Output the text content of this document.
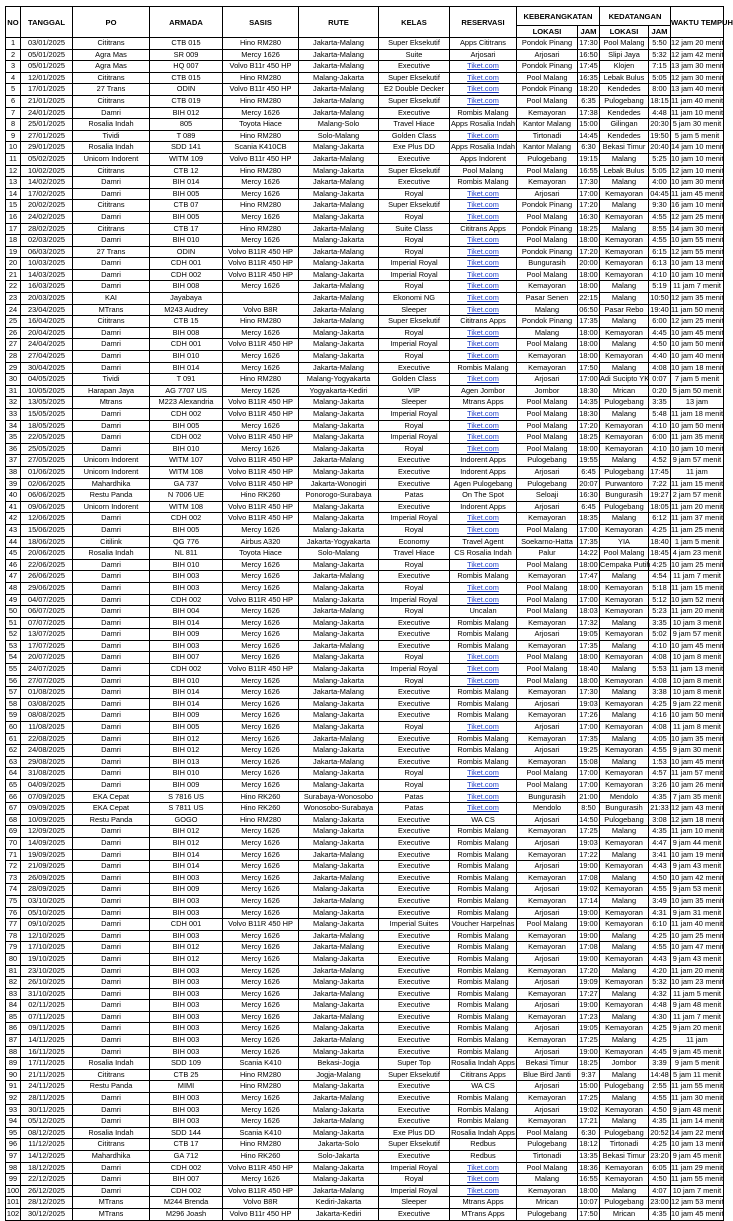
NO	TANGGAL	PO	ARMADA	SASIS	RUTE	KELAS	RESERVASI	KEBERANGKATAN		KEDATANGAN		WAKTU TEMPUH
								LOKASI	JAM	LOKASI	JAM	
1	03/01/2025	Cititrans	CTB 015	Hino RM280	Jakarta-Malang	Super Eksekutif	Apps Cititrans	Pondok Pinang	17:30	Pool Malang	5:50	12 jam 20 menit
2	05/01/2025	Agra Mas	SR 009	Mercy 1626	Jakarta-Malang	Suite	Arjosari	Arjosari	16:50	Slipi Jaya	5:32	12 jam 42 menit
3	05/01/2025	Agra Mas	HQ 007	Volvo B11r 450 HP	Jakarta-Malang	Executive	Tiket.com	Pondok Pinang	17:45	Klojen	7:15	13 jam 30 menit
4	12/01/2025	Cititrans	CTB 015	Hino RM280	Malang-Jakarta	Super Eksekutif	Tiket.com	Pool Malang	16:35	Lebak Bulus	5:05	12 jam 30 menit
5	17/01/2025	27 Trans	ODIN	Volvo B11r 450 HP	Jakarta-Malang	E2 Double Decker	Tiket.com	Pondok Pinang	18:20	Kendedes	8:00	13 jam 40 menit
6	21/01/2025	Cititrans	CTB 019	Hino RM280	Jakarta-Malang	Super Eksekutif	Tiket.com	Pool Malang	6:35	Pulogebang	18:15	11 jam 40 menit
7	24/01/2025	Damri	BIH 012	Mercy 1626	Jakarta-Malang	Executive	Rombis Malang	Kemayoran	17:38	Kendedes	4:48	11 jam 10 menit
8	25/01/2025	Rosalia Indah	805	Toyota Hiace	Malang-Solo	Travel Hiace	Apps Rosalia Indah	Kantor Malang	15:00	Gilingan	20:30	5 jam 30 menit
9	27/01/2025	Tividi	T 089	Hino RM280	Solo-Malang	Golden Class	Tiket.com	Tirtonadi	14:45	Kendedes	19:50	5 jam 5 menit
10	29/01/2025	Rosalia Indah	SDD 141	Scania K410CB	Malang-Jakarta	Exe Plus DD	Apps Rosalia Indah	Kantor Malang	6:30	Bekasi Timur	20:40	14 jam 10 menit
11	05/02/2025	Unicorn Indorent	WITM 109	Volvo B11r 450 HP	Jakarta-Malang	Executive	Apps Indorent	Pulogebang	19:15	Malang	5:25	10 jam 10 menit
12	10/02/2025	Cititrans	CTB 12	Hino RM280	Malang-Jakarta	Super Eksekutif	Pool Malang	Pool Malang	16:55	Lebak Bulus	5:05	12 jam 10 menit
13	14/02/2025	Damri	BIH 014	Mercy 1626	Jakarta-Malang	Executive	Rombis Malang	Kemayoran	17:30	Malang	4:00	10 jam 30 menit
14	17/02/2025	Damri	BIH 005	Mercy 1626	Malang-Jakarta	Royal	Tiket.com	Arjosari	17:00	Kemayoran	04:45	11 jam 45 menit
15	20/02/2025	Cititrans	CTB 07	Hino RM280	Jakarta-Malang	Super Eksekutif	Tiket.com	Pondok Pinang	17:20	Malang	9:30	16 jam 10 menit
16	24/02/2025	Damri	BIH 005	Mercy 1626	Malang-Jakarta	Royal	Tiket.com	Pool Malang	16:30	Kemayoran	4:55	12 jam 25 menit
17	28/02/2025	Cititrans	CTB 17	Hino RM280	Jakarta-Malang	Suite Class	Cititrans Apps	Pondok Pinang	18:25	Malang	8:55	14 jam 30 menit
18	02/03/2025	Damri	BIH 010	Mercy 1626	Malang-Jakarta	Royal	Tiket.com	Pool Malang	18:00	Kemayoran	4:55	10 jam 55 menit
19	06/03/2025	27 Trans	ODIN	Volvo B11R 450 HP	Jakarta-Malang	Royal	Tiket.com	Pondok Pinang	17:20	Kemayoran	6:15	12 jam 55 menit
20	10/03/2025	Damri	CDH 001	Volvo B11R 450 HP	Malang-Jakarta	Imperial Royal	Tiket.com	Bungurasih	20:00	Kemayoran	6:13	10 jam 13 menit
21	14/03/2025	Damri	CDH 002	Volvo B11R 450 HP	Malang-Jakarta	Imperial Royal	Tiket.com	Pool Malang	18:00	Kemayoran	4:10	10 jam 10 menit
22	16/03/2025	Damri	BIH 008	Mercy 1626	Jakarta-Malang	Royal	Tiket.com	Kemayoran	18:00	Malang	5:19	11 jam 7 menit
23	20/03/2025	KAI	Jayabaya		Jakarta-Malang	Ekonomi NG	Tiket.com	Pasar Senen	22:15	Malang	10:50	12 jam 35 menit
24	23/04/2025	MTrans	M243 Audrey	Volvo B8R	Jakarta-Malang	Sleeper	Tiket.com	Malang	06:50	Pasar Rebo	19:40	11 jam 50 menit
25	16/04/2025	Cititrans	CTB 15	Hino RM280	Jakarta-Malang	Super Eksekutif	Cititrans Apps	Pondok Pinang	17:35	Malang	6:00	12 jam 25 menit
26	20/04/2025	Damri	BIH 008	Mercy 1626	Malang-Jakarta	Royal	Tiket.com	Malang	18:00	Kemayoran	4:45	10 jam 45 menit
27	24/04/2025	Damri	CDH 001	Volvo B11R 450 HP	Malang-Jakarta	Imperial Royal	Tiket.com	Pool Malang	18:00	Malang	4:50	10 jam 50 menit
28	27/04/2025	Damri	BIH 010	Mercy 1626	Malang-Jakarta	Royal	Tiket.com	Kemayoran	18:00	Kemayoran	4:40	10 jam 40 menit
29	30/04/2025	Damri	BIH 014	Mercy 1626	Jakarta-Malang	Executive	Rombis Malang	Kemayoran	17:50	Malang	4:08	10 jam 18 menit
30	04/05/2025	Tividi	T 091	Hino RM280	Malang-Yogyakarta	Golden Class	Tiket.com	Arjosari	17:00	Adi Sucipto YK	0:07	7 jam 5 menit
31	10/05/2025	Harapan Jaya	AG 7707 US	Mercy 1626	Yogyakarta-Kediri	VIP	Agen Jombor	Jombor	18:30	Mrican	0:20	5 jam 50 menit
32	13/05/2025	Mtrans	M223 Alexandria	Volvo B11R 450 HP	Malang-Jakarta	Sleeper	Mtrans Apps	Pool Malang	14:35	Pulogebang	3:35	13 jam
33	15/05/2025	Damri	CDH 002	Volvo B11R 450 HP	Malang-Jakarta	Imperial Royal	Tiket.com	Pool Malang	18:30	Malang	5:48	11 jam 18 menit
34	18/05/2025	Damri	BIH 005	Mercy 1626	Malang-Jakarta	Royal	Tiket.com	Pool Malang	17:20	Kemayoran	4:10	10 jam 50 menit
35	22/05/2025	Damri	CDH 002	Volvo B11R 450 HP	Malang-Jakarta	Imperial Royal	Tiket.com	Pool Malang	18:25	Kemayoran	6:00	11 jam 35 menit
36	25/05/2025	Damri	BIH 010	Mercy 1626	Malang-Jakarta	Royal	Tiket.com	Pool Malang	18:00	Kemayoran	4:10	10 jam 10 menit
37	27/05/2025	Unicorn Indorent	WITM 107	Volvo B11R 450 HP	Jakarta-Malang	Executive	Indorent Apps	Pulogebang	19:55	Malang	4:52	9 jam 57 menit
38	01/06/2025	Unicorn Indorent	WITM 108	Volvo B11R 450 HP	Malang-Jakarta	Executive	Indorent Apps	Arjosari	6:45	Pulogebang	17:45	11 jam
39	02/06/2025	Mahardhika	GA 737	Volvo B11R 450 HP	Jakarta-Wonogiri	Executive	Agen Pulogebang	Pulogebang	20:07	Purwantoro	7:22	11 jam 15 menit
40	06/06/2025	Restu Panda	N 7006 UE	Hino RK260	Ponorogo-Surabaya	Patas	On The Spot	Seloaji	16:30	Bungurasih	19:27	2 jam 57 menit
41	09/06/2025	Unicorn Indorent	WITM 108	Volvo B11R 450 HP	Malang-Jakarta	Executive	Indorent Apps	Arjosari	6:45	Pulogebang	18:05	11 jam 20 menit
42	12/06/2025	Damri	CDH 002	Volvo B11R 450 HP	Malang-Jakarta	Imperial Royal	Tiket.com	Kemayoran	18:35	Malang	6:12	11 jam 37 menit
43	15/06/2025	Damri	BIH 005	Mercy 1626	Malang-Jakarta	Royal	Tiket.com	Pool Malang	17:00	Kemayoran	4:25	11 jam 25 menit
44	18/06/2025	Citilink	QG 776	Airbus A320	Jakarta-Yogyakarta	Economy	Travel Agent	Soekarno-Hatta	17:35	YIA	18:40	1 jam 5 menit
45	20/06/2025	Rosalia Indah	NL 811	Toyota Hiace	Solo-Malang	Travel Hiace	CS Rosalia Indah	Palur	14:22	Pool Malang	18:45	4 jam 23 menit
46	22/06/2025	Damri	BIH 010	Mercy 1626	Malang-Jakarta	Royal	Tiket.com	Pool Malang	18:00	Cempaka Putih	4:25	10 jam 25 menit
47	26/06/2025	Damri	BIH 003	Mercy 1626	Jakarta-Malang	Executive	Rombis Malang	Kemayoran	17:47	Malang	4:54	11 jam 7 menit
48	29/06/2025	Damri	BIH 003	Mercy 1626	Malang-Jakarta	Royal	Tiket.com	Pool Malang	18:00	Kemayoran	5:18	11 jam 15 menit
49	04/07/2025	Damri	CDH 002	Volvo B11R 450 HP	Malang-Jakarta	Imperial Royal	Tiket.com	Pool Malang	17:00	Kemayoran	5:12	10 jam 52 menit
50	06/07/2025	Damri	BIH 004	Mercy 1626	Jakarta-Malang	Royal	Uncalan	Pool Malang	18:03	Kemayoran	5:23	11 jam 20 menit
51	07/07/2025	Damri	BIH 014	Mercy 1626	Malang-Jakarta	Executive	Rombis Malang	Kemayoran	17:32	Malang	3:35	10 jam 3 menit
52	13/07/2025	Damri	BIH 009	Mercy 1626	Malang-Jakarta	Executive	Rombis Malang	Arjosari	19:05	Kemayoran	5:02	9 jam 57 menit
53	17/07/2025	Damri	BIH 003	Mercy 1626	Jakarta-Malang	Executive	Rombis Malang	Kemayoran	17:35	Malang	4:10	10 jam 45 menit
54	20/07/2025	Damri	BIH 007	Mercy 1626	Malang-Jakarta	Royal	Tiket.com	Pool Malang	18:00	Kemayoran	4:08	10 jam 8 menit
55	24/07/2025	Damri	CDH 002	Volvo B11R 450 HP	Malang-Jakarta	Imperial Royal	Tiket.com	Pool Malang	18:40	Malang	5:53	11 jam 13 menit
56	27/07/2025	Damri	BIH 010	Mercy 1626	Malang-Jakarta	Royal	Tiket.com	Pool Malang	18:00	Kemayoran	4:08	10 jam 8 menit
57	01/08/2025	Damri	BIH 014	Mercy 1626	Jakarta-Malang	Executive	Rombis Malang	Kemayoran	17:30	Malang	3:38	10 jam 8 menit
58	03/08/2025	Damri	BIH 014	Mercy 1626	Malang-Jakarta	Executive	Rombis Malang	Arjosari	19:03	Kemayoran	4:25	9 jam 22 menit
59	08/08/2025	Damri	BIH 009	Mercy 1626	Malang-Jakarta	Executive	Rombis Malang	Kemayoran	17:26	Malang	4:16	10 jam 50 menit
60	11/08/2025	Damri	BIH 005	Mercy 1626	Malang-Jakarta	Royal	Tiket.com	Arjosari	17:00	Kemayoran	4:08	11 jam 8 menit
61	22/08/2025	Damri	BIH 012	Mercy 1626	Jakarta-Malang	Executive	Rombis Malang	Kemayoran	17:35	Malang	4:05	10 jam 35 menit
62	24/08/2025	Damri	BIH 012	Mercy 1626	Malang-Jakarta	Executive	Rombis Malang	Arjosari	19:25	Kemayoran	4:55	9 jam 30 menit
63	29/08/2025	Damri	BIH 013	Mercy 1626	Jakarta-Malang	Executive	Rombis Malang	Kemayoran	15:08	Malang	1:53	10 jam 45 menit
64	31/08/2025	Damri	BIH 010	Mercy 1626	Malang-Jakarta	Royal	Tiket.com	Pool Malang	17:00	Kemayoran	4:57	11 jam 57 menit
65	04/09/2025	Damri	BIH 009	Mercy 1626	Malang-Jakarta	Royal	Tiket.com	Pool Malang	17:00	Kemayoran	3:26	10 jam 26 menit
66	07/09/2025	EKA Cepat	S 7816 US	Hino RK260	Surabaya-Wonosobo	Patas	Tiket.com	Bungurasih	21:00	Mendolo	4:35	7 jam 35 menit
67	09/09/2025	EKA Cepat	S 7811 US	Hino RK260	Wonosobo-Surabaya	Patas	Tiket.com	Mendolo	8:50	Bungurasih	21:33	12 jam 43 menit
68	10/09/2025	Restu Panda	GOGO	Hino RM280	Malang-Jakarta	Executive	WA CS	Arjosari	14:50	Pulogebang	3:08	12 jam 18 menit
69	12/09/2025	Damri	BIH 012	Mercy 1626	Malang-Jakarta	Executive	Rombis Malang	Kemayoran	17:25	Malang	4:35	11 jam 10 menit
70	14/09/2025	Damri	BIH 012	Mercy 1626	Malang-Jakarta	Executive	Rombis Malang	Arjosari	19:03	Kemayoran	4:47	9 jam 44 menit
71	19/09/2025	Damri	BIH 014	Mercy 1626	Jakarta-Malang	Executive	Rombis Malang	Kemayoran	17:22	Malang	3:41	10 jam 19 menit
72	21/09/2025	Damri	BIH 014	Mercy 1626	Malang-Jakarta	Executive	Rombis Malang	Arjosari	19:00	Kemayoran	4:43	9 jam 43 menit
73	26/09/2025	Damri	BIH 003	Mercy 1626	Jakarta-Malang	Executive	Rombis Malang	Kemayoran	17:08	Malang	4:50	10 jam 42 menit
74	28/09/2025	Damri	BIH 009	Mercy 1626	Malang-Jakarta	Executive	Rombis Malang	Arjosari	19:02	Kemayoran	4:55	9 jam 53 menit
75	03/10/2025	Damri	BIH 003	Mercy 1626	Jakarta-Malang	Executive	Rombis Malang	Kemayoran	17:14	Malang	3:49	10 jam 35 menit
76	05/10/2025	Damri	BIH 003	Mercy 1626	Malang-Jakarta	Executive	Rombis Malang	Arjosari	19:00	Kemayoran	4:31	9 jam 31 menit
77	09/10/2025	Damri	CDH 001	Volvo B11R 450 HP	Malang-Jakarta	Imperial Suites	Voucher Harpelnas	Pool Malang	19:00	Kemayoran	6:10	11 jam 40 menit
78	12/10/2025	Damri	BIH 003	Mercy 1626	Jakarta-Malang	Executive	Rombis Malang	Kemayoran	19:00	Malang	4:25	10 jam 25 menit
79	17/10/2025	Damri	BIH 012	Mercy 1626	Jakarta-Malang	Executive	Rombis Malang	Kemayoran	17:08	Malang	4:55	10 jam 47 menit
80	19/10/2025	Damri	BIH 012	Mercy 1626	Malang-Jakarta	Executive	Rombis Malang	Arjosari	19:00	Kemayoran	4:43	9 jam 43 menit
81	23/10/2025	Damri	BIH 003	Mercy 1626	Jakarta-Malang	Executive	Rombis Malang	Kemayoran	17:20	Malang	4:20	11 jam 20 menit
82	26/10/2025	Damri	BIH 003	Mercy 1626	Malang-Jakarta	Executive	Rombis Malang	Arjosari	19:09	Kemayoran	5:32	10 jam 23 menit
83	31/10/2025	Damri	BIH 003	Mercy 1626	Jakarta-Malang	Executive	Rombis Malang	Kemayoran	17:27	Malang	4:32	11 jam 5 menit
84	02/11/2025	Damri	BIH 003	Mercy 1626	Malang-Jakarta	Executive	Rombis Malang	Arjosari	19:00	Kemayoran	4:48	9 jam 48 menit
85	07/11/2025	Damri	BIH 003	Mercy 1626	Jakarta-Malang	Executive	Rombis Malang	Kemayoran	17:23	Malang	4:30	11 jam 7 menit
86	09/11/2025	Damri	BIH 003	Mercy 1626	Malang-Jakarta	Executive	Rombis Malang	Arjosari	19:05	Kemayoran	4:25	9 jam 20 menit
87	14/11/2025	Damri	BIH 003	Mercy 1626	Jakarta-Malang	Executive	Rombis Malang	Kemayoran	17:25	Malang	4:25	11 jam
88	16/11/2025	Damri	BIH 003	Mercy 1626	Malang-Jakarta	Executive	Rombis Malang	Arjosari	19:00	Kemayoran	4:45	9 jam 45 menit
89	17/11/2025	Rosalia Indah	SDD 109	Scania K410	Bekasi-Jogja	Super Top	Rosalia Indah Apps	Bekasi Timur	18:25	Jombor	3:39	9 jam 5 menit
90	21/11/2025	Cititrans	CTB 25	Hino RM280	Jogja-Malang	Super Eksekutif	Cititrans Apps	Blue Bird Janti	9:37	Malang	14:48	5 jam 11 menit
91	24/11/2025	Restu Panda	MIMI	Hino RM280	Malang-Jakarta	Executive	WA CS	Arjosari	15:00	Pulogebang	2:55	11 jam 55 menit
92	28/11/2025	Damri	BIH 003	Mercy 1626	Jakarta-Malang	Executive	Rombis Malang	Kemayoran	17:25	Malang	4:55	11 jam 30 menit
93	30/11/2025	Damri	BIH 003	Mercy 1626	Malang-Jakarta	Executive	Rombis Malang	Arjosari	19:02	Kemayoran	4:50	9 jam 48 menit
94	05/12/2025	Damri	BIH 003	Mercy 1626	Jakarta-Malang	Executive	Rombis Malang	Kemayoran	17:21	Malang	4:35	11 jam 14 menit
95	08/12/2025	Rosalia Indah	SDD 144	Scania K410	Malang-Jakarta	Exe Plus DD	Rosalia Indah Apps	Pool Malang	6:30	Pulogebang	20:52	14 jam 22 menit
96	11/12/2025	Cititrans	CTB 17	Hino RM280	Jakarta-Solo	Super Eksekutif	Redbus	Pulogebang	18:12	Tirtonadi	4:25	10 jam 13 menit
97	14/12/2025	Mahardhika	GA 712	Hino RK260	Solo-Jakarta	Executive	Redbus	Tirtonadi	13:35	Bekasi Timur	23:20	9 jam 45 menit
98	18/12/2025	Damri	CDH 002	Volvo B11R 450 HP	Malang-Jakarta	Imperial Royal	Tiket.com	Pool Malang	18:36	Kemayoran	6:05	11 jam 29 menit
99	22/12/2025	Damri	BIH 007	Mercy 1626	Malang-Jakarta	Royal	Tiket.com	Malang	16:55	Kemayoran	4:50	11 jam 55 menit
100	26/12/2025	Damri	CDH 002	Volvo B11R 450 HP	Jakarta-Malang	Imperial Royal	Tiket.com	Kemayoran	18:00	Malang	4:07	10 jam 7 menit
101	28/12/2025	MTrans	M244 Brenda	Volvo B8R	Kediri-Jakarta	Sleeper	Mtrans Apps	Mrican	10:07	Pulogebang	23:00	12 jam 53 menit
102	30/12/2025	MTrans	M296 Joash	Volvo B11r 450 HP	Jakarta-Kediri	Executive	MTrans Apps	Pulogebang	17:50	Mrican	4:35	10 jam 45 menit
